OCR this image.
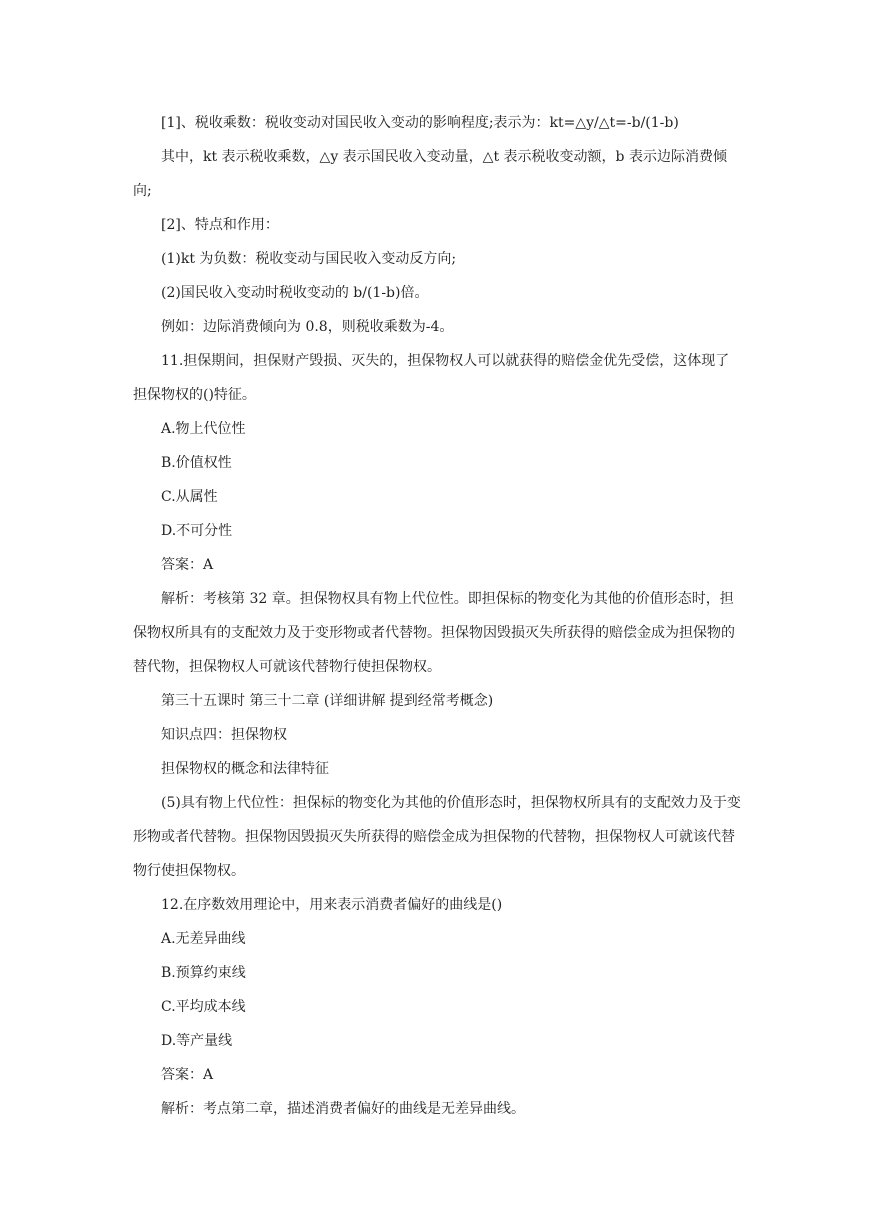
[1]、税收乘数：税收变动对国民收入变动的影响程度;表示为：kt=△y/△t=-b/(1-b)

其中，kt 表示税收乘数，△y 表示国民收入变动量，△t 表示税收变动额，b 表示边际消费倾向;

[2]、特点和作用：

(1)kt 为负数：税收变动与国民收入变动反方向;

(2)国民收入变动时税收变动的 b/(1-b)倍。

例如：边际消费倾向为 0.8，则税收乘数为-4。

11.担保期间，担保财产毁损、灭失的，担保物权人可以就获得的赔偿金优先受偿，这体现了担保物权的()特征。

A.物上代位性

B.价值权性

C.从属性

D.不可分性

答案：A

解析：考核第 32 章。担保物权具有物上代位性。即担保标的物变化为其他的价值形态时，担保物权所具有的支配效力及于变形物或者代替物。担保物因毁损灭失所获得的赔偿金成为担保物的替代物，担保物权人可就该代替物行使担保物权。

第三十五课时 第三十二章 (详细讲解 提到经常考概念)

知识点四：担保物权

担保物权的概念和法律特征

(5)具有物上代位性：担保标的物变化为其他的价值形态时，担保物权所具有的支配效力及于变形物或者代替物。担保物因毁损灭失所获得的赔偿金成为担保物的代替物，担保物权人可就该代替物行使担保物权。

12.在序数效用理论中，用来表示消费者偏好的曲线是()

A.无差异曲线

B.预算约束线

C.平均成本线

D.等产量线

答案：A

解析：考点第二章，描述消费者偏好的曲线是无差异曲线。
